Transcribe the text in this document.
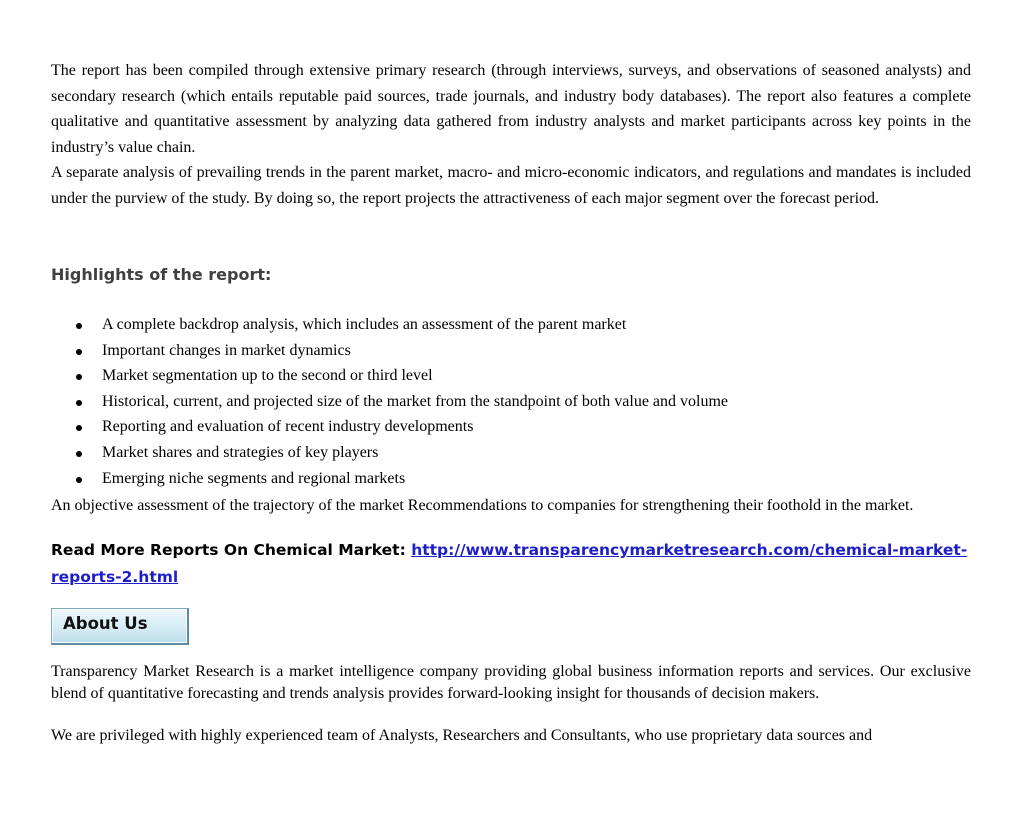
The report has been compiled through extensive primary research (through interviews, surveys, and observations of seasoned analysts) and secondary research (which entails reputable paid sources, trade journals, and industry body databases). The report also features a complete qualitative and quantitative assessment by analyzing data gathered from industry analysts and market participants across key points in the industry’s value chain.

A separate analysis of prevailing trends in the parent market, macro- and micro-economic indicators, and regulations and mandates is included under the purview of the study. By doing so, the report projects the attractiveness of each major segment over the forecast period.

Highlights of the report:
A complete backdrop analysis, which includes an assessment of the parent market
Important changes in market dynamics
Market segmentation up to the second or third level
Historical, current, and projected size of the market from the standpoint of both value and volume
Reporting and evaluation of recent industry developments
Market shares and strategies of key players
Emerging niche segments and regional markets

An objective assessment of the trajectory of the market Recommendations to companies for strengthening their foothold in the market.

Read More Reports On Chemical Market: http://www.transparencymarketresearch.com/chemical-market-reports-2.html

About Us

Transparency Market Research is a market intelligence company providing global business information reports and services. Our exclusive blend of quantitative forecasting and trends analysis provides forward-looking insight for thousands of decision makers.

We are privileged with highly experienced team of Analysts, Researchers and Consultants, who use proprietary data sources and
